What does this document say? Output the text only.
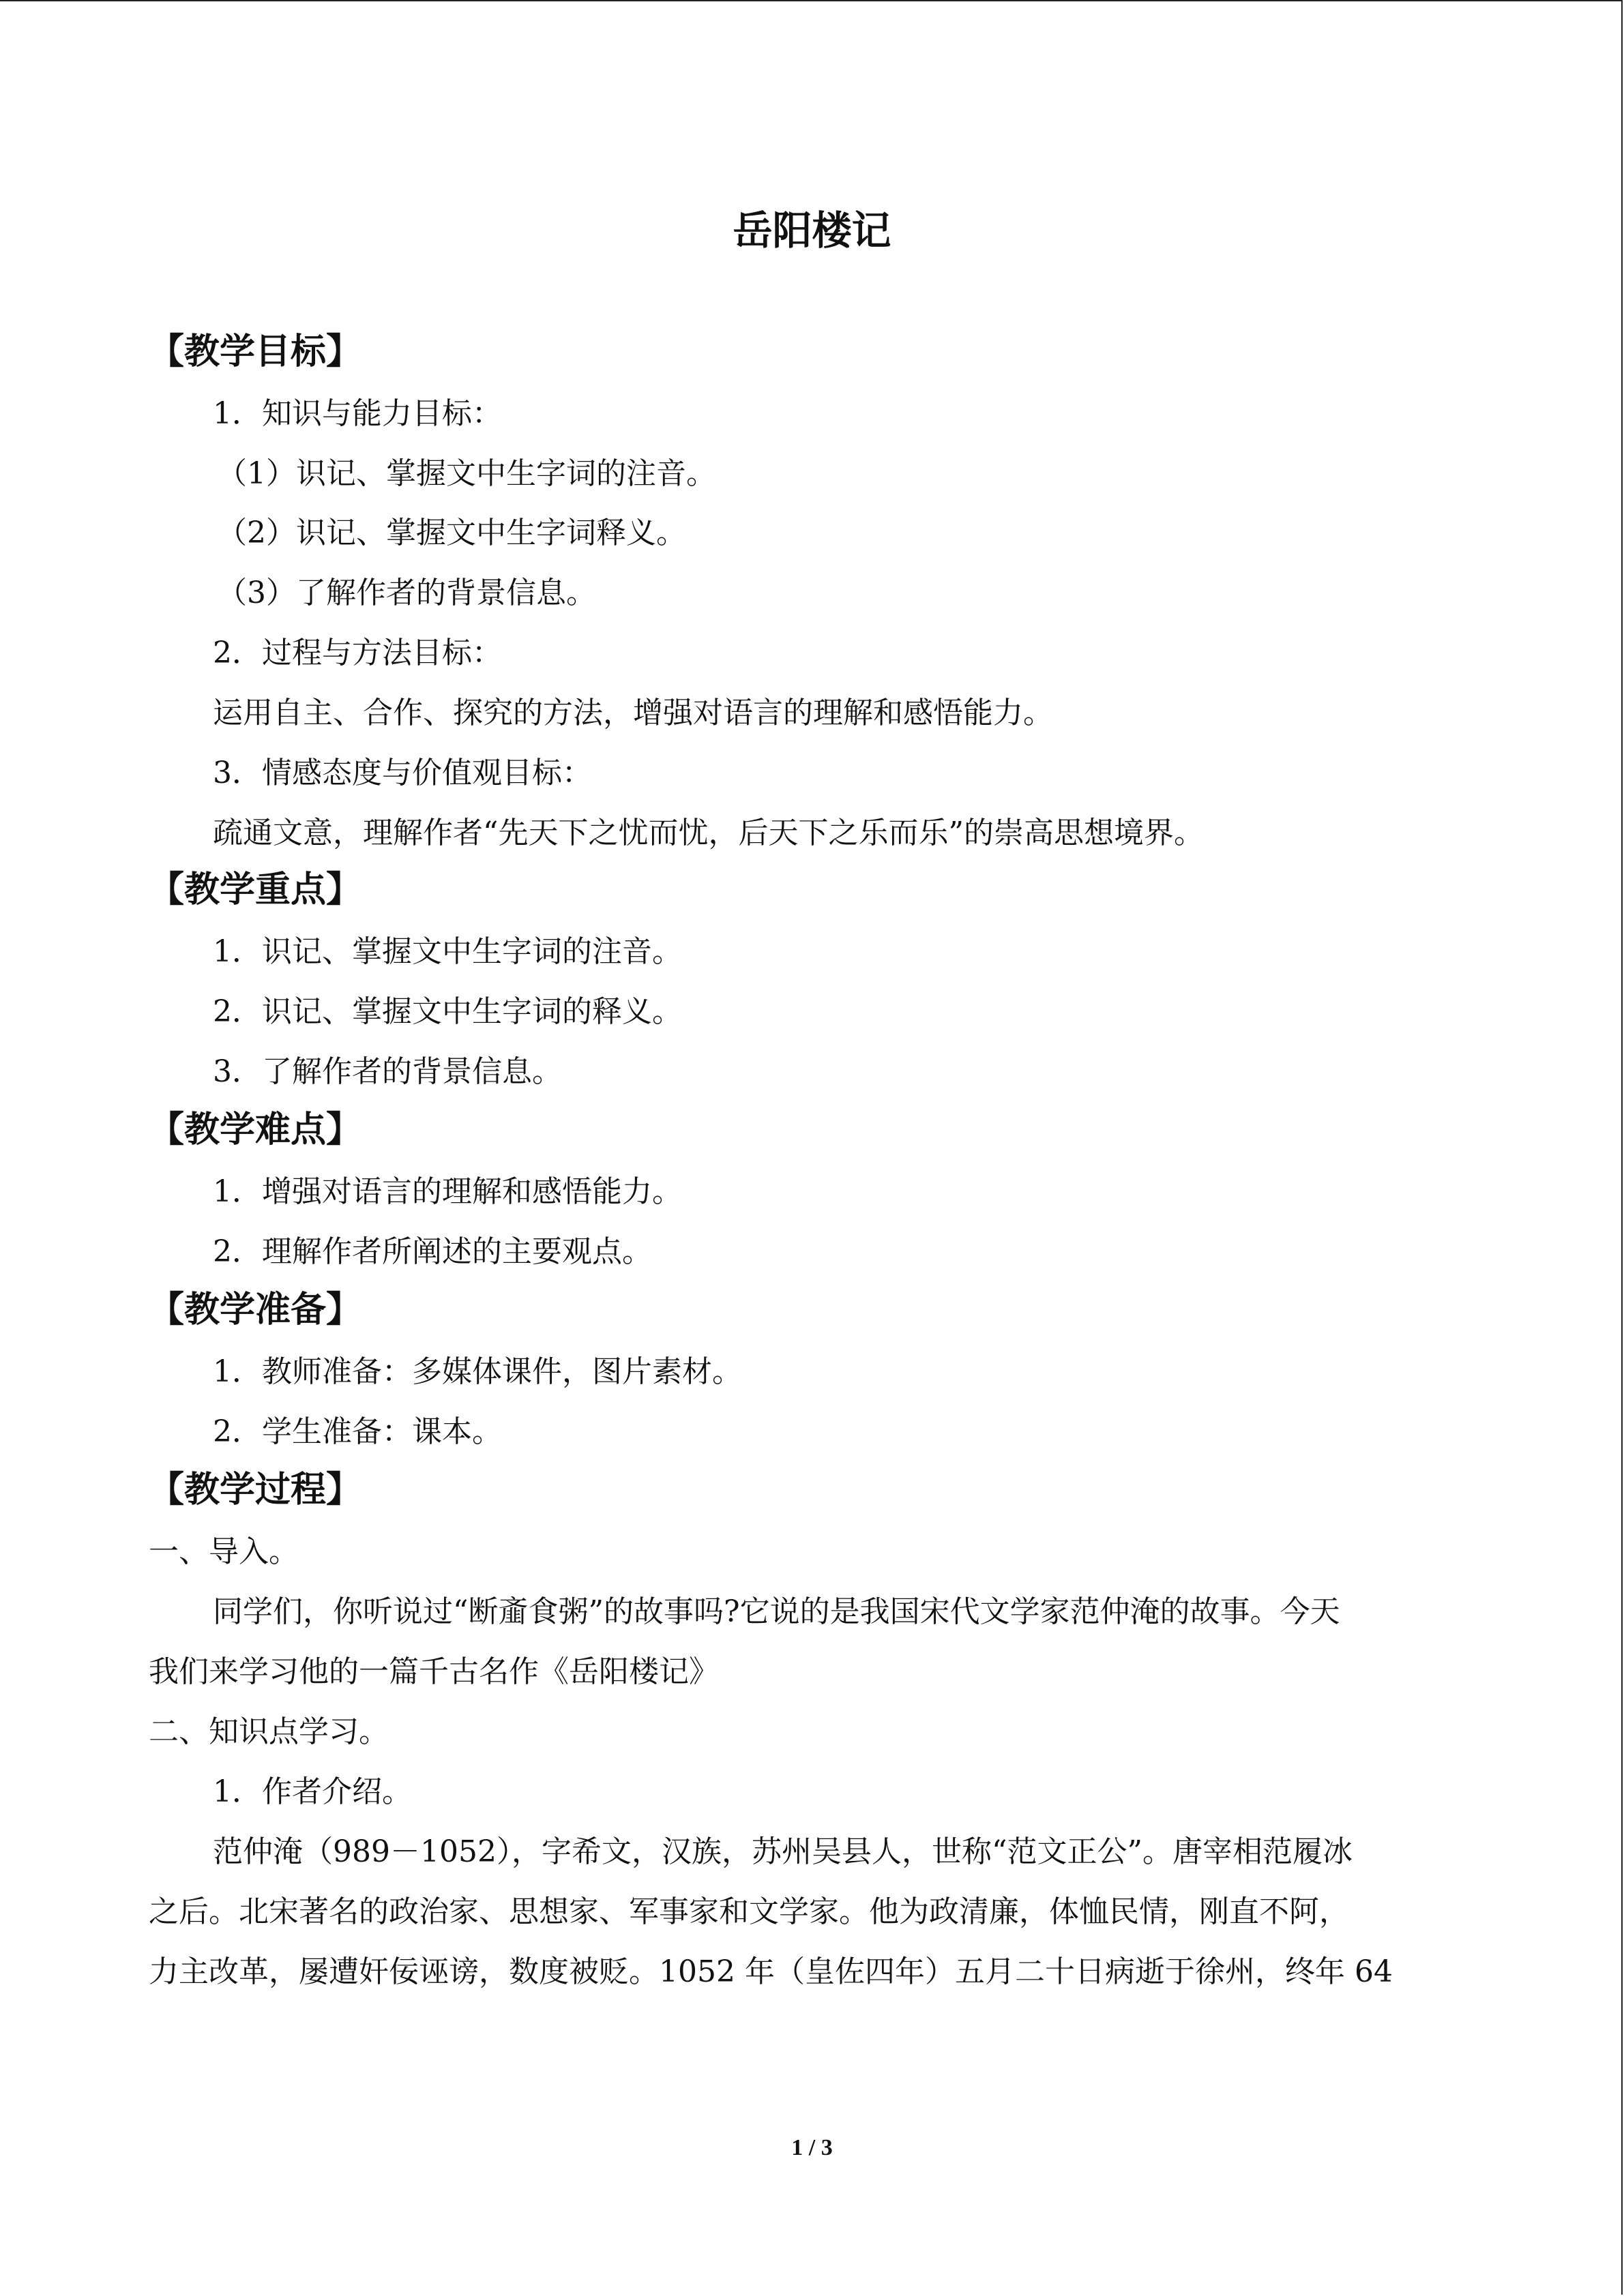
岳阳楼记
【教学目标】
1．知识与能力目标：
（1）识记、掌握文中生字词的注音。
（2）识记、掌握文中生字词释义。
（3）了解作者的背景信息。
2．过程与方法目标：
运用自主、合作、探究的方法，增强对语言的理解和感悟能力。
3．情感态度与价值观目标：
疏通文意，理解作者“先天下之忧而忧，后天下之乐而乐”的崇高思想境界。
【教学重点】
1．识记、掌握文中生字词的注音。
2．识记、掌握文中生字词的释义。
3．了解作者的背景信息。
【教学难点】
1．增强对语言的理解和感悟能力。
2．理解作者所阐述的主要观点。
【教学准备】
1．教师准备：多媒体课件，图片素材。
2．学生准备：课本。
【教学过程】
一、导入。
同学们，你听说过“断齑食粥”的故事吗?它说的是我国宋代文学家范仲淹的故事。今天
我们来学习他的一篇千古名作《岳阳楼记》
二、知识点学习。
1．作者介绍。
范仲淹（989－1052），字希文，汉族，苏州吴县人，世称“范文正公”。唐宰相范履冰
之后。北宋著名的政治家、思想家、军事家和文学家。他为政清廉，体恤民情，刚直不阿，
力主改革，屡遭奸佞诬谤，数度被贬。1052 年（皇佐四年）五月二十日病逝于徐州，终年 64
1 / 3
